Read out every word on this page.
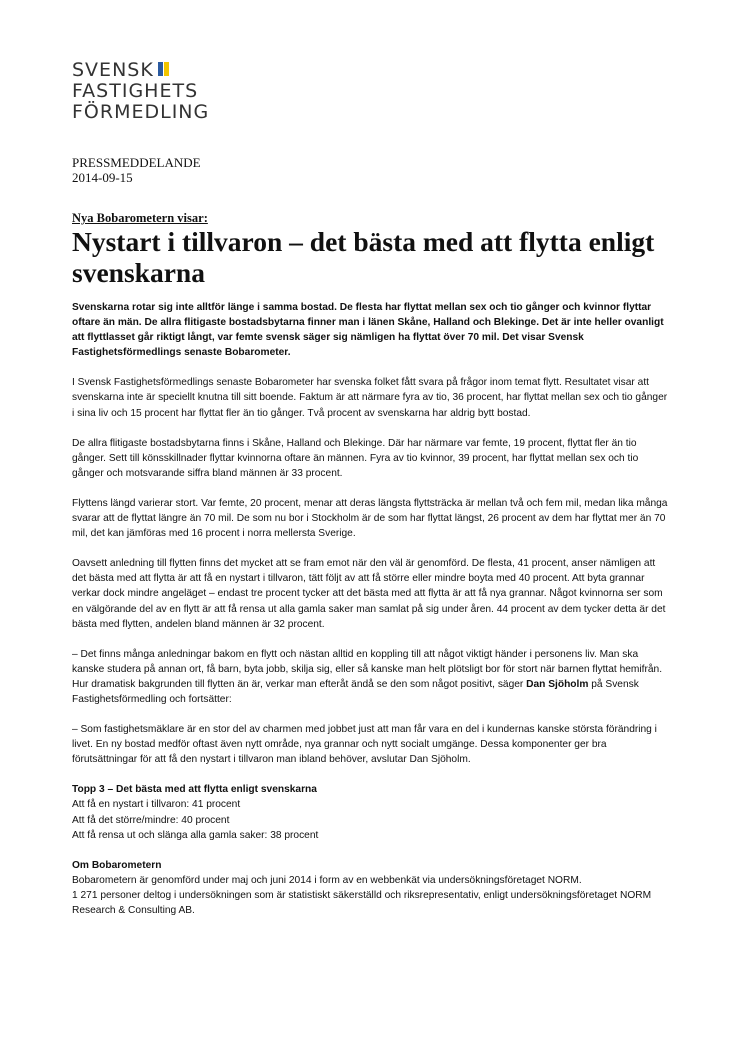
SVENSK
FASTIGHETS
FÖRMEDLING
PRESSMEDDELANDE
2014-09-15
Nya Bobarometern visar:
Nystart i tillvaron – det bästa med att flytta enligt svenskarna

Svenskarna rotar sig inte alltför länge i samma bostad. De flesta har flyttat mellan sex och tio gånger och kvinnor flyttar oftare än män. De allra flitigaste bostadsbytarna finner man i länen Skåne, Halland och Blekinge. Det är inte heller ovanligt att flyttlasset går riktigt långt, var femte svensk säger sig nämligen ha flyttat över 70 mil. Det visar Svensk Fastighetsförmedlings senaste Bobarometer.

I Svensk Fastighetsförmedlings senaste Bobarometer har svenska folket fått svara på frågor inom temat flytt. Resultatet visar att svenskarna inte är speciellt knutna till sitt boende. Faktum är att närmare fyra av tio, 36 procent, har flyttat mellan sex och tio gånger i sina liv och 15 procent har flyttat fler än tio gånger. Två procent av svenskarna har aldrig bytt bostad.

De allra flitigaste bostadsbytarna finns i Skåne, Halland och Blekinge. Där har närmare var femte, 19 procent, flyttat fler än tio gånger. Sett till könsskillnader flyttar kvinnorna oftare än männen. Fyra av tio kvinnor, 39 procent, har flyttat mellan sex och tio gånger och motsvarande siffra bland männen är 33 procent.

Flyttens längd varierar stort. Var femte, 20 procent, menar att deras längsta flyttsträcka är mellan två och fem mil, medan lika många svarar att de flyttat längre än 70 mil. De som nu bor i Stockholm är de som har flyttat längst, 26 procent av dem har flyttat mer än 70 mil, det kan jämföras med 16 procent i norra mellersta Sverige.

Oavsett anledning till flytten finns det mycket att se fram emot när den väl är genomförd. De flesta, 41 procent, anser nämligen att det bästa med att flytta är att få en nystart i tillvaron, tätt följt av att få större eller mindre boyta med 40 procent. Att byta grannar verkar dock mindre angeläget – endast tre procent tycker att det bästa med att flytta är att få nya grannar. Något kvinnorna ser som en välgörande del av en flytt är att få rensa ut alla gamla saker man samlat på sig under åren. 44 procent av dem tycker detta är det bästa med flytten, andelen bland männen är 32 procent.

– Det finns många anledningar bakom en flytt och nästan alltid en koppling till att något viktigt händer i personens liv. Man ska kanske studera på annan ort, få barn, byta jobb, skilja sig, eller så kanske man helt plötsligt bor för stort när barnen flyttat hemifrån. Hur dramatisk bakgrunden till flytten än är, verkar man efteråt ändå se den som något positivt, säger Dan Sjöholm på Svensk Fastighetsförmedling och fortsätter:

– Som fastighetsmäklare är en stor del av charmen med jobbet just att man får vara en del i kundernas kanske största förändring i livet. En ny bostad medför oftast även nytt område, nya grannar och nytt socialt umgänge. Dessa komponenter ger bra förutsättningar för att få den nystart i tillvaron man ibland behöver, avslutar Dan Sjöholm.

Topp 3 – Det bästa med att flytta enligt svenskarna
Att få en nystart i tillvaron: 41 procent
Att få det större/mindre: 40 procent
Att få rensa ut och slänga alla gamla saker: 38 procent

Om Bobarometern
Bobarometern är genomförd under maj och juni 2014 i form av en webbenkät via undersökningsföretaget NORM.
1 271 personer deltog i undersökningen som är statistiskt säkerställd och riksrepresentativ, enligt undersökningsföretaget NORM Research & Consulting AB.
